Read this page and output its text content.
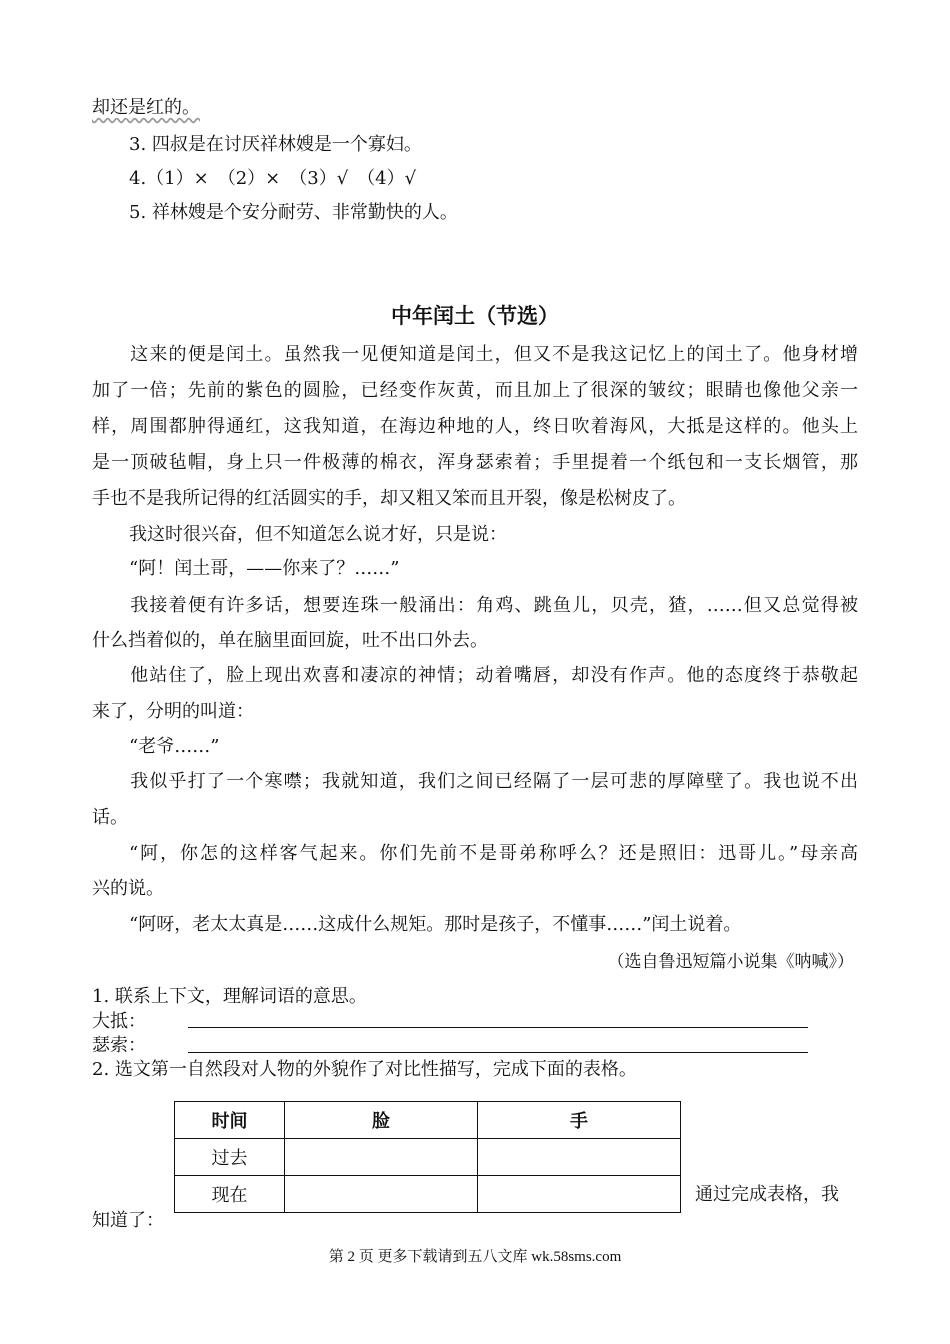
却还是红的。
3. 四叔是在讨厌祥林嫂是一个寡妇。
4.（1）×　（2）×　（3）√　（4）√
5. 祥林嫂是个安分耐劳、非常勤快的人。
中年闰土（节选）
这来的便是闰土。虽然我一见便知道是闰土，但又不是我这记忆上的闰土了。他身材增
加了一倍；先前的紫色的圆脸，已经变作灰黄，而且加上了很深的皱纹；眼睛也像他父亲一
样，周围都肿得通红，这我知道，在海边种地的人，终日吹着海风，大抵是这样的。他头上
是一顶破毡帽，身上只一件极薄的棉衣，浑身瑟索着；手里提着一个纸包和一支长烟管，那
手也不是我所记得的红活圆实的手，却又粗又笨而且开裂，像是松树皮了。
我这时很兴奋，但不知道怎么说才好，只是说：
“阿！闰土哥，——你来了？……”
我接着便有许多话，想要连珠一般涌出：角鸡、跳鱼儿，贝壳，猹，……但又总觉得被
什么挡着似的，单在脑里面回旋，吐不出口外去。
他站住了，脸上现出欢喜和凄凉的神情；动着嘴唇，却没有作声。他的态度终于恭敬起
来了，分明的叫道：
“老爷……”
我似乎打了一个寒噤；我就知道，我们之间已经隔了一层可悲的厚障壁了。我也说不出
话。
“阿，你怎的这样客气起来。你们先前不是哥弟称呼么？还是照旧：迅哥儿。”母亲高
兴的说。
“阿呀，老太太真是……这成什么规矩。那时是孩子，不懂事……”闰土说着。
（选自鲁迅短篇小说集《呐喊》）
1. 联系上下文，理解词语的意思。
大抵：
瑟索：
2. 选文第一自然段对人物的外貌作了对比性描写，完成下面的表格。
时间	脸	手
过去		
现在			通过完成表格，我
知道了：
第 2 页 更多下载请到五八文库 wk.58sms.com
